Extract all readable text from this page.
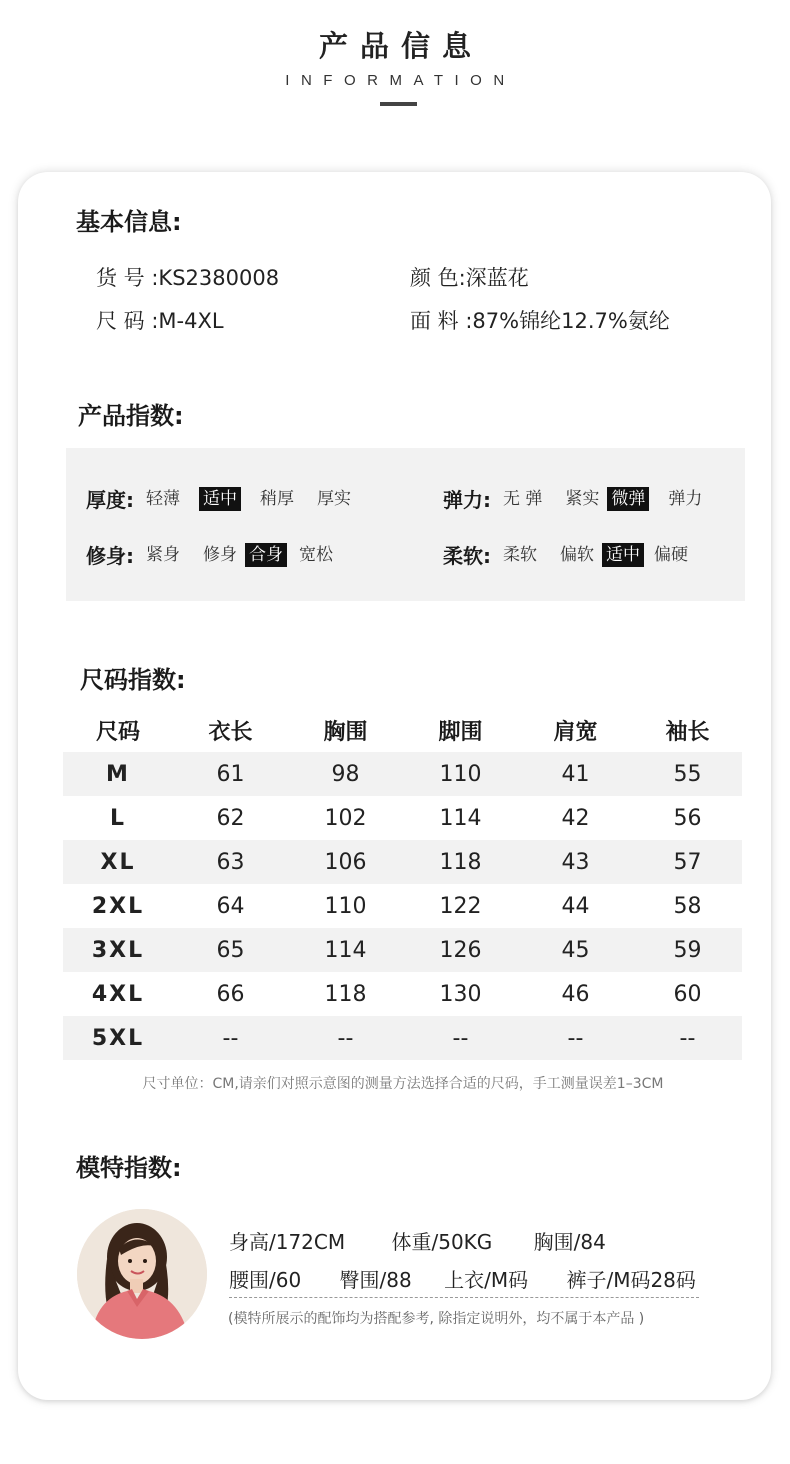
产品信息
INFORMATION
基本信息:
货 号 :KS2380008	颜 色:深蓝花
尺 码 :M-4XL	面 料 :87%锦纶12.7%氨纶
产品指数:
厚度: 轻薄 适中 稍厚 厚实	弹力: 无 弹 紧实 微弹 弹力
修身: 紧身 修身 合身 宽松	柔软: 柔软 偏软 适中 偏硬
尺码指数:
尺码	衣长	胸围	脚围	肩宽	袖长
M	61	98	110	41	55
L	62	102	114	42	56
XL	63	106	118	43	57
2XL	64	110	122	44	58
3XL	65	114	126	45	59
4XL	66	118	130	46	60
5XL	--	--	--	--	--
尺寸单位：CM,请亲们对照示意图的测量方法选择合适的尺码，手工测量误差1–3CM
模特指数:
身高/172CM 体重/50KG 胸围/84
腰围/60 臀围/88 上衣/M码 裤子/M码28码
(模特所展示的配饰均为搭配参考, 除指定说明外，均不属于本产品 )
